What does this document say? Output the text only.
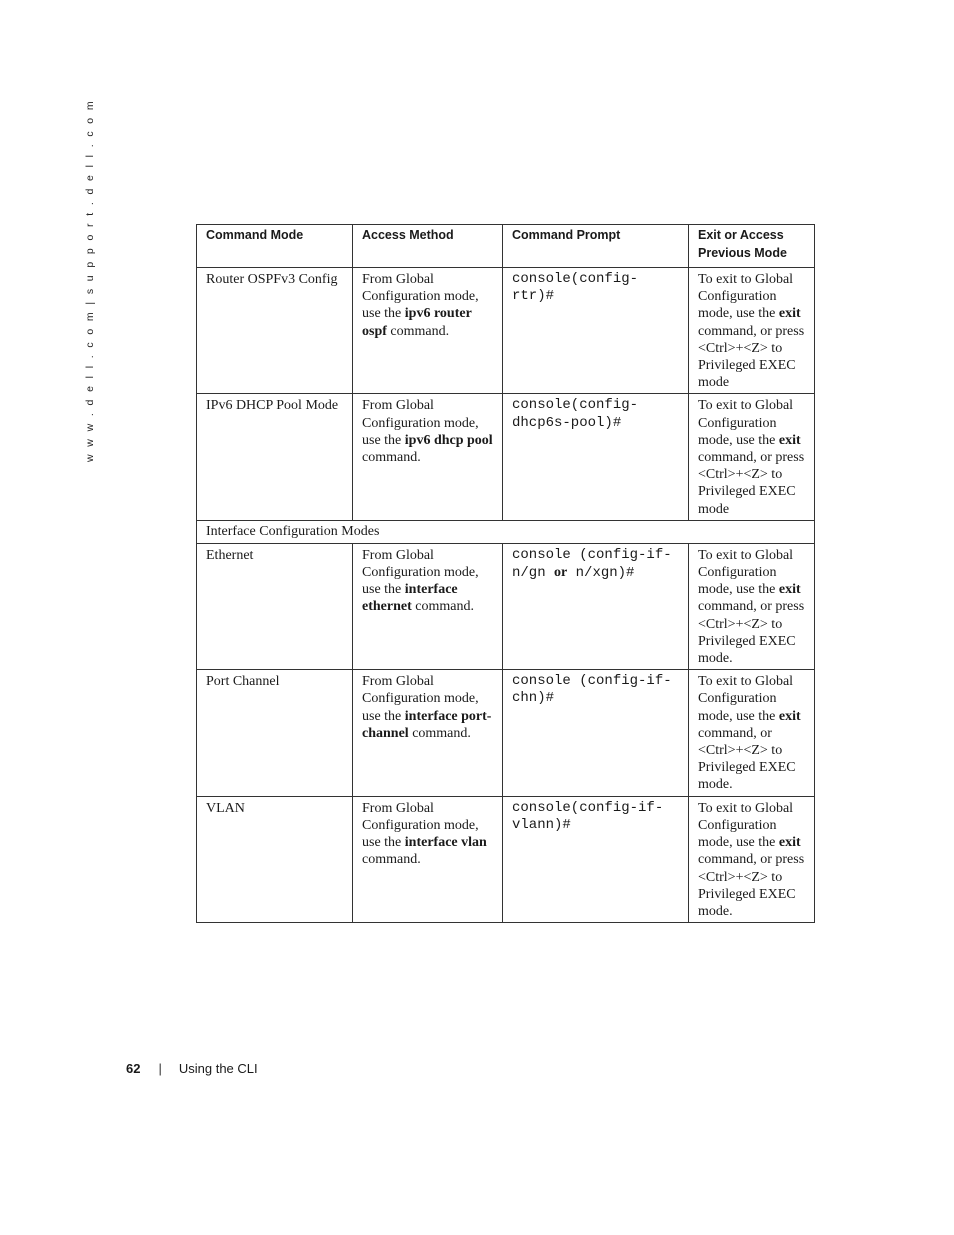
w w w . d e l l . c o m | s u p p o r t . d e l l . c o m	Command Mode	Access Method	Command Prompt	Exit or Access Previous Mode
Router OSPFv3 Config	From Global Configuration mode, use the ipv6 router ospf command.	console(config-rtr)#	To exit to Global Configuration mode, use the exit command, or press <Ctrl>+<Z> to Privileged EXEC mode
IPv6 DHCP Pool Mode	From Global Configuration mode, use the ipv6 dhcp pool command.	console(config-dhcp6s-pool)#	To exit to Global Configuration mode, use the exit command, or press <Ctrl>+<Z> to Privileged EXEC mode
Interface Configuration Modes			
Ethernet	From Global Configuration mode, use the interface ethernet command.	console (config-if-n/gn or n/xgn)#	To exit to Global Configuration mode, use the exit command, or press <Ctrl>+<Z> to Privileged EXEC mode.
Port Channel	From Global Configuration mode, use the interface port-channel command.	console (config-if-chn)#	To exit to Global Configuration mode, use the exit command, or <Ctrl>+<Z> to Privileged EXEC mode.
VLAN	From Global Configuration mode, use the interface vlan command.	console(config-if-vlann)#	To exit to Global Configuration mode, use the exit command, or press <Ctrl>+<Z> to Privileged EXEC mode.
62 | Using the CLI
